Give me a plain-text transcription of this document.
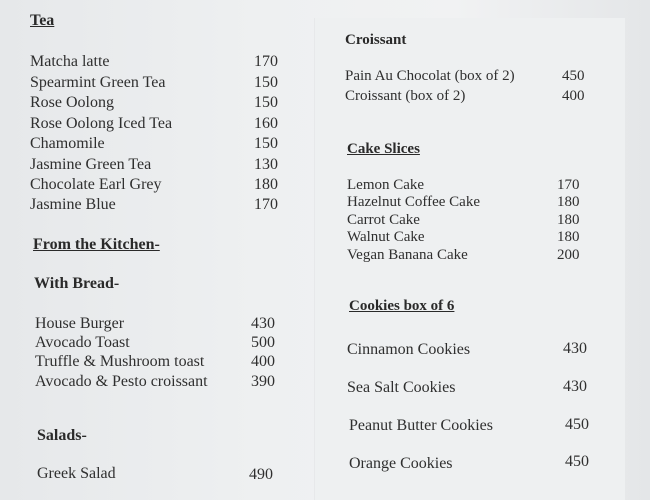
Tea
Matcha latte	170
Spearmint Green Tea	150
Rose Oolong	150
Rose Oolong Iced Tea	160
Chamomile	150
Jasmine Green Tea	130
Chocolate Earl Grey	180
Jasmine Blue	170
From the Kitchen-
With Bread-
House Burger	430
Avocado Toast	500
Truffle & Mushroom toast	400
Avocado & Pesto croissant	390
Salads-
Greek Salad	490
Croissant
Pain Au Chocolat (box of 2)	450
Croissant (box of 2)	400
Cake Slices
Lemon Cake	170
Hazelnut Coffee Cake	180
Carrot Cake	180
Walnut Cake	180
Vegan Banana Cake	200
Cookies box of 6
Cinnamon Cookies	430
Sea Salt Cookies	430
Peanut Butter Cookies	450
Orange Cookies	450
